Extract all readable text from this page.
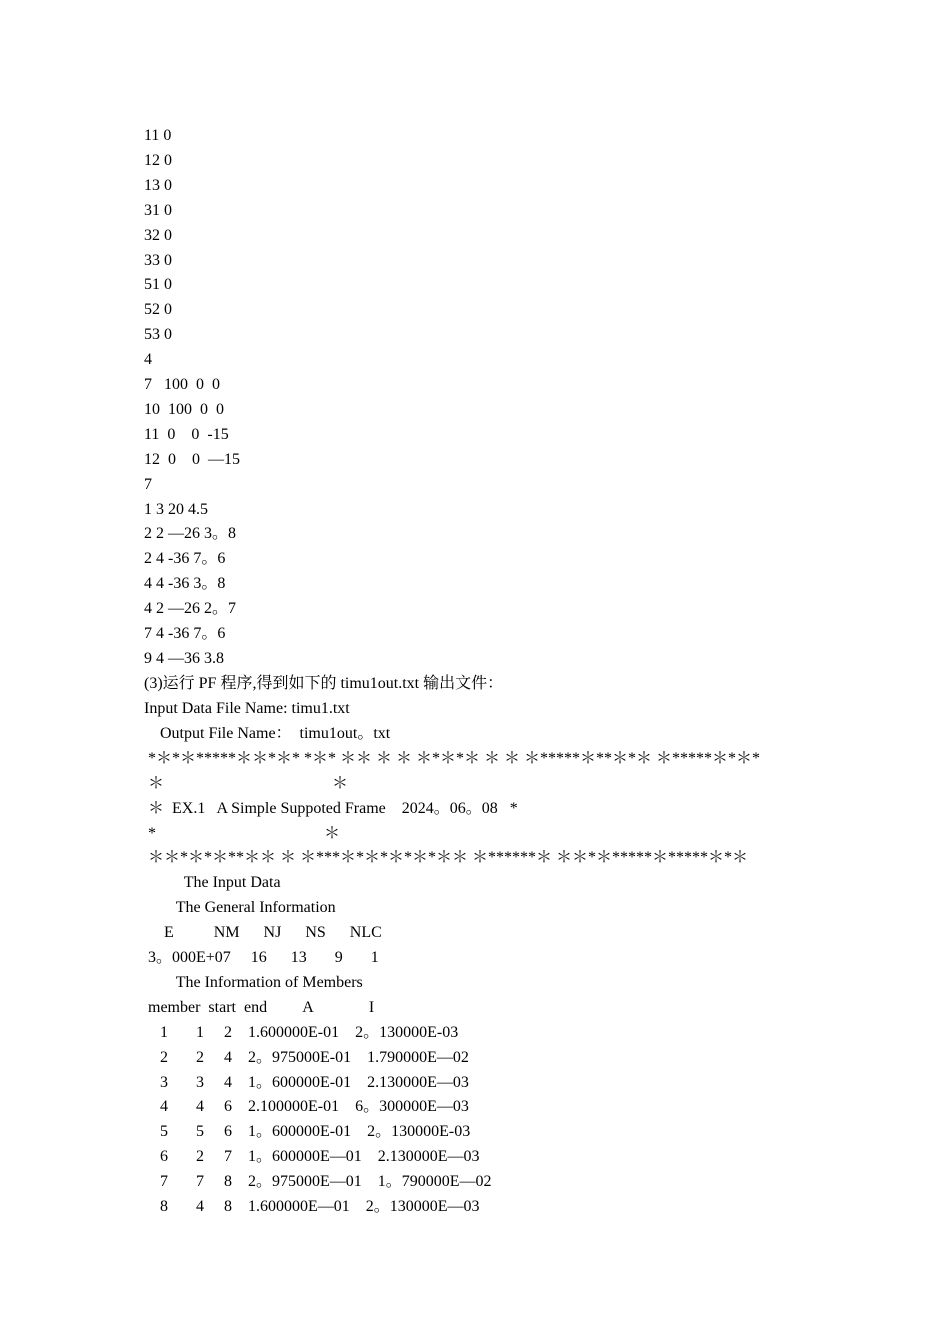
11 0
12 0
13 0
31 0
32 0
33 0
51 0
52 0
53 0
4
7   100  0  0
10  100  0  0
11  0    0  -15
12  0    0  —15
7
1 3 20 4.5
2 2 —26 3。8
2 4 -36 7。6
4 4 -36 3。8
4 2 —26 2。7
7 4 -36 7。6
9 4 —36 3.8
(3)运行 PF 程序,得到如下的 timu1out.txt 输出文件：
Input Data File Name: timu1.txt
Output File Name：  timu1out。txt
*＊*＊*****＊＊*＊* *＊* ＊＊ ＊ ＊ ＊*＊*＊ ＊ ＊ ＊*****＊**＊*＊ ＊*****＊*＊*
＊                                          ＊
＊  EX.1   A Simple Suppoted Frame    2024。06。08   *
*                                          ＊
＊＊*＊*＊**＊＊ ＊ ＊***＊*＊*＊*＊*＊＊ ＊******＊ ＊＊*＊*****＊*****＊*＊
The Input Data
The General Information
E          NM      NJ      NS      NLC
3。000E+07     16      13       9       1
The Information of Members
member  start  end         A              I
1       1     2    1.600000E-01    2。130000E-03
2       2     4    2。975000E-01    1.790000E—02
3       3     4    1。600000E-01    2.130000E—03
4       4     6    2.100000E-01    6。300000E—03
5       5     6    1。600000E-01    2。130000E-03
6       2     7    1。600000E—01    2.130000E—03
7       7     8    2。975000E—01    1。790000E—02
8       4     8    1.600000E—01    2。130000E—03
